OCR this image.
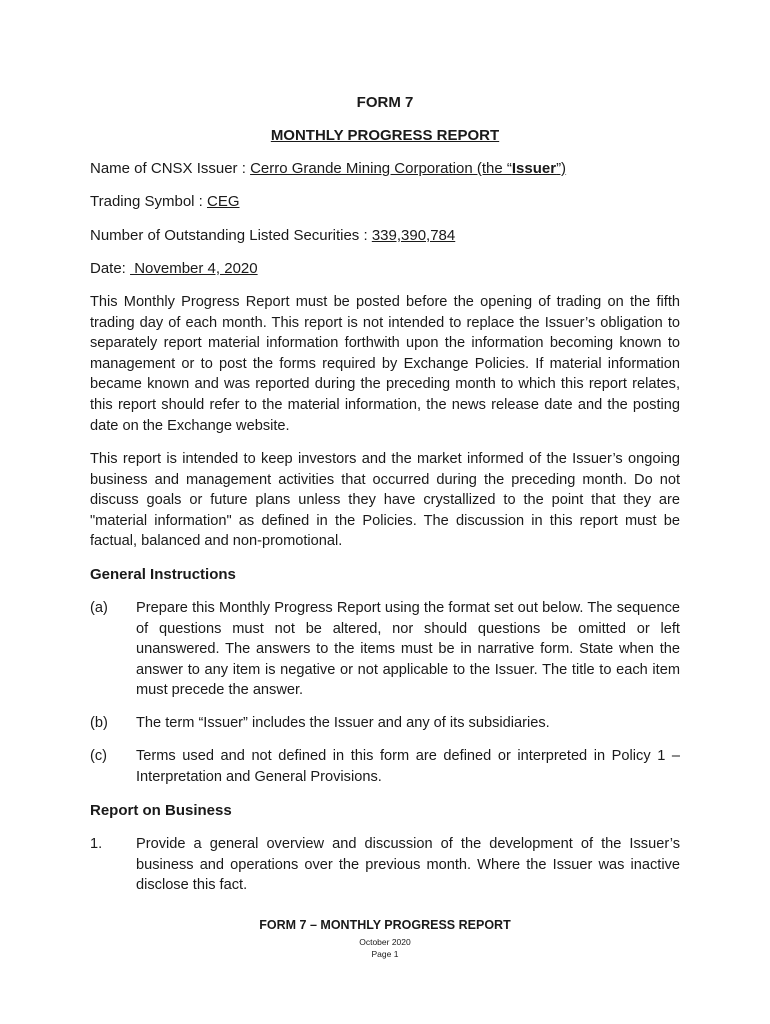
FORM 7
MONTHLY PROGRESS REPORT
Name of CNSX Issuer : Cerro Grande Mining Corporation (the “Issuer”)
Trading Symbol : CEG
Number of Outstanding Listed Securities : 339,390,784
Date:  November 4, 2020
This Monthly Progress Report must be posted before the opening of trading on the fifth trading day of each month. This report is not intended to replace the Issuer’s obligation to separately report material information forthwith upon the information becoming known to management or to post the forms required by Exchange Policies. If material information became known and was reported during the preceding month to which this report relates, this report should refer to the material information, the news release date and the posting date on the Exchange website.
This report is intended to keep investors and the market informed of the Issuer’s ongoing business and management activities that occurred during the preceding month. Do not discuss goals or future plans unless they have crystallized to the point that they are "material information" as defined in the Policies. The discussion in this report must be factual, balanced and non-promotional.
General Instructions
(a) Prepare this Monthly Progress Report using the format set out below. The sequence of questions must not be altered, nor should questions be omitted or left unanswered. The answers to the items must be in narrative form. State when the answer to any item is negative or not applicable to the Issuer. The title to each item must precede the answer.
(b) The term “Issuer” includes the Issuer and any of its subsidiaries.
(c) Terms used and not defined in this form are defined or interpreted in Policy 1 – Interpretation and General Provisions.
Report on Business
1. Provide a general overview and discussion of the development of the Issuer’s business and operations over the previous month. Where the Issuer was inactive disclose this fact.
FORM 7 – MONTHLY PROGRESS REPORT
October 2020
Page 1
